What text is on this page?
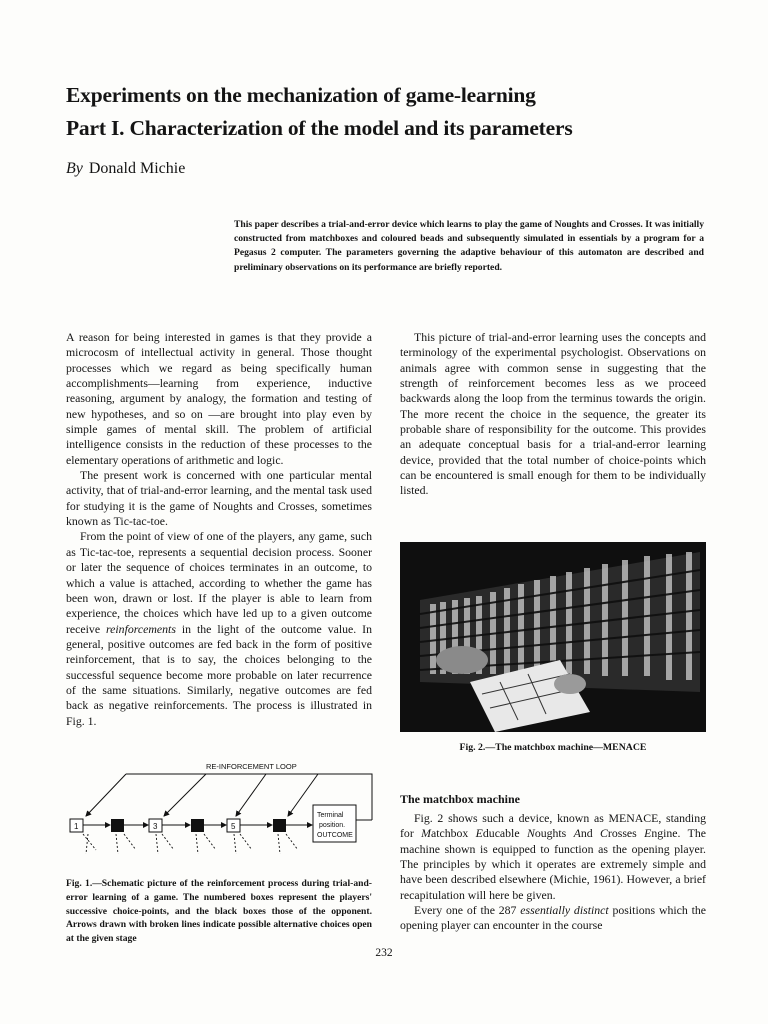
Experiments on the mechanization of game-learning
Part I. Characterization of the model and its parameters
By Donald Michie
This paper describes a trial-and-error device which learns to play the game of Noughts and Crosses. It was initially constructed from matchboxes and coloured beads and subsequently simulated in essentials by a program for a Pegasus 2 computer. The parameters governing the adaptive behaviour of this automaton are described and preliminary observations on its performance are briefly reported.

A reason for being interested in games is that they provide a microcosm of intellectual activity in general. Those thought processes which we regard as being specifically human accomplishments—learning from experience, inductive reasoning, argument by analogy, the formation and testing of new hypotheses, and so on —are brought into play even by simple games of mental skill. The problem of artificial intelligence consists in the reduction of these processes to the elementary operations of arithmetic and logic.

The present work is concerned with one particular mental activity, that of trial-and-error learning, and the mental task used for studying it is the game of Noughts and Crosses, sometimes known as Tic-tac-toe.

From the point of view of one of the players, any game, such as Tic-tac-toe, represents a sequential decision process. Sooner or later the sequence of choices terminates in an outcome, to which a value is attached, according to whether the game has been won, drawn or lost. If the player is able to learn from experience, the choices which have led up to a given outcome receive reinforcements in the light of the outcome value. In general, positive outcomes are fed back in the form of positive reinforcement, that is to say, the choices belonging to the successful sequence become more probable on later recurrence of the same situations. Similarly, negative outcomes are fed back as negative reinforcements. The process is illustrated in Fig. 1.

RE-INFORCEMENT LOOP
1	3	5
Terminal
position.
OUTCOME
Fig. 1.—Schematic picture of the reinforcement process during trial-and-error learning of a game. The numbered boxes represent the players' successive choice-points, and the black boxes those of the opponent. Arrows drawn with broken lines indicate possible alternative choices open at the given stage

This picture of trial-and-error learning uses the concepts and terminology of the experimental psychologist. Observations on animals agree with common sense in suggesting that the strength of reinforcement becomes less as we proceed backwards along the loop from the terminus towards the origin. The more recent the choice in the sequence, the greater its probable share of responsibility for the outcome. This provides an adequate conceptual basis for a trial-and-error learning device, provided that the total number of choice-points which can be encountered is small enough for them to be individually listed.

Fig. 2.—The matchbox machine—MENACE
The matchbox machine

Fig. 2 shows such a device, known as MENACE, standing for Matchbox Educable Noughts And Crosses Engine. The machine shown is equipped to function as the opening player. The principles by which it operates are extremely simple and have been described elsewhere (Michie, 1961). However, a brief recapitulation will here be given.

Every one of the 287 essentially distinct positions which the opening player can encounter in the course

232
